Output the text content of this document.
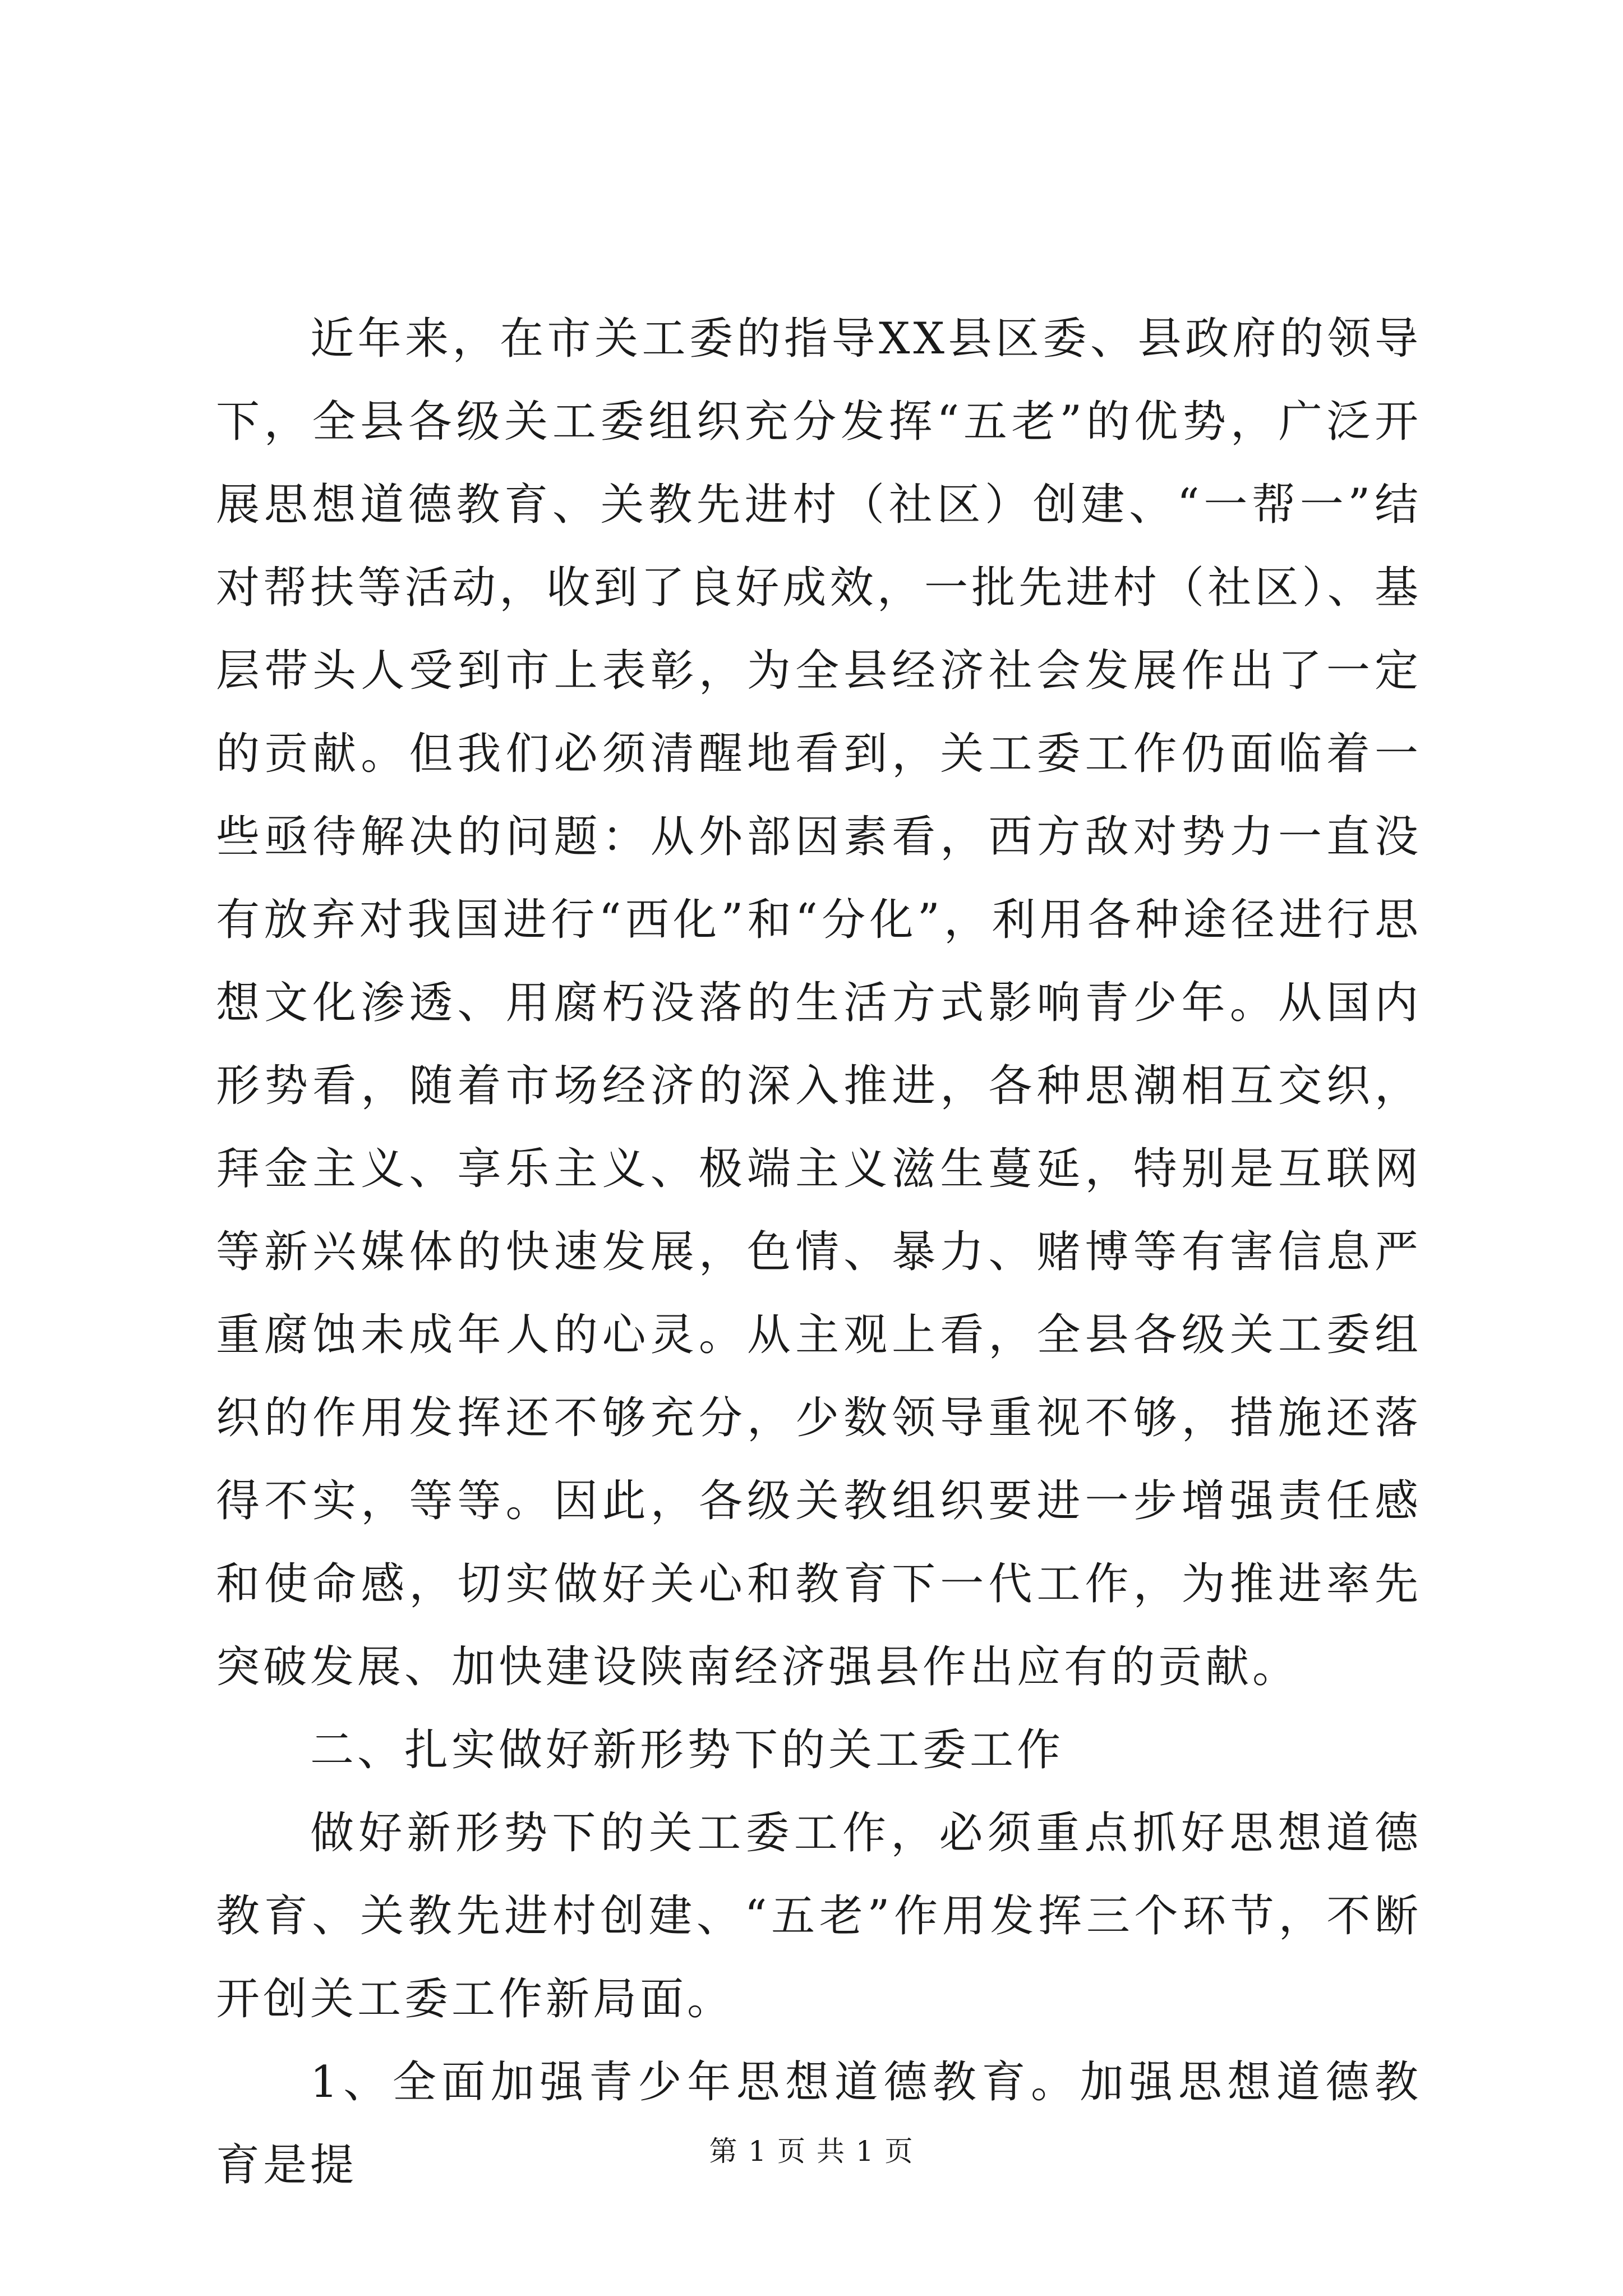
近年来，在市关工委的指导XX县区委、县政府的领导下，全县各级关工委组织充分发挥“五老”的优势，广泛开展思想道德教育、关教先进村（社区）创建、“一帮一”结对帮扶等活动，收到了良好成效，一批先进村（社区）、基层带头人受到市上表彰，为全县经济社会发展作出了一定的贡献。但我们必须清醒地看到，关工委工作仍面临着一些亟待解决的问题：从外部因素看，西方敌对势力一直没有放弃对我国进行“西化”和“分化”，利用各种途径进行思想文化渗透、用腐朽没落的生活方式影响青少年。从国内形势看，随着市场经济的深入推进，各种思潮相互交织，拜金主义、享乐主义、极端主义滋生蔓延，特别是互联网等新兴媒体的快速发展，色情、暴力、赌博等有害信息严重腐蚀未成年人的心灵。从主观上看，全县各级关工委组织的作用发挥还不够充分，少数领导重视不够，措施还落得不实，等等。因此，各级关教组织要进一步增强责任感和使命感，切实做好关心和教育下一代工作，为推进率先突破发展、加快建设陕南经济强县作出应有的贡献。

二、扎实做好新形势下的关工委工作

做好新形势下的关工委工作，必须重点抓好思想道德教育、关教先进村创建、“五老”作用发挥三个环节，不断开创关工委工作新局面。

1、全面加强青少年思想道德教育。加强思想道德教育是提	第 1 页 共 1 页
